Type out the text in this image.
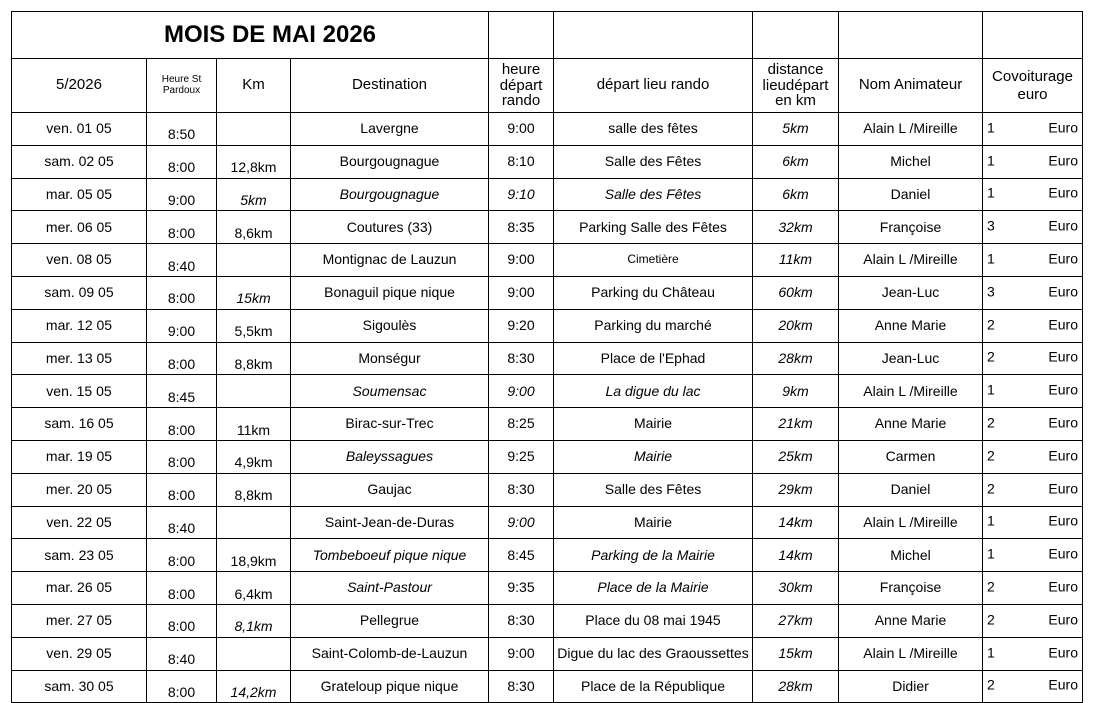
MOIS DE MAI 2026								
5/2026	Heure St Pardoux	Km	Destination	heure départ rando	départ lieu rando	distance lieudépart en km	Nom Animateur	Covoiturage euro
ven. 01 05	8:50		Lavergne	9:00	salle des fêtes	5km	Alain L /Mireille	1 Euro

sam. 02 05	8:00	12,8km	Bourgougnague	8:10	Salle des Fêtes	6km	Michel	1 Euro

mar. 05 05	9:00	5km	Bourgougnague	9:10	Salle des Fêtes	6km	Daniel	1 Euro

mer. 06 05	8:00	8,6km	Coutures (33)	8:35	Parking Salle des Fêtes	32km	Françoise	3 Euro

ven. 08 05	8:40		Montignac de Lauzun	9:00	Cimetière	11km	Alain L /Mireille	1 Euro

sam. 09 05	8:00	15km	Bonaguil pique nique	9:00	Parking du Château	60km	Jean-Luc	3 Euro

mar. 12 05	9:00	5,5km	Sigoulès	9:20	Parking du marché	20km	Anne Marie	2 Euro

mer. 13 05	8:00	8,8km	Monségur	8:30	Place de l'Ephad	28km	Jean-Luc	2 Euro

ven. 15 05	8:45		Soumensac	9:00	La digue du lac	9km	Alain L /Mireille	1 Euro

sam. 16 05	8:00	11km	Birac-sur-Trec	8:25	Mairie	21km	Anne Marie	2 Euro

mar. 19 05	8:00	4,9km	Baleyssagues	9:25	Mairie	25km	Carmen	2 Euro

mer. 20 05	8:00	8,8km	Gaujac	8:30	Salle des Fêtes	29km	Daniel	2 Euro

ven. 22 05	8:40		Saint-Jean-de-Duras	9:00	Mairie	14km	Alain L /Mireille	1 Euro

sam. 23 05	8:00	18,9km	Tombeboeuf pique nique	8:45	Parking de la Mairie	14km	Michel	1 Euro

mar. 26 05	8:00	6,4km	Saint-Pastour	9:35	Place de la Mairie	30km	Françoise	2 Euro

mer. 27 05	8:00	8,1km	Pellegrue	8:30	Place du 08 mai 1945	27km	Anne Marie	2 Euro

ven. 29 05	8:40		Saint-Colomb-de-Lauzun	9:00	Digue du lac des Graoussettes	15km	Alain L /Mireille	1 Euro

sam. 30 05	8:00	14,2km	Grateloup pique nique	8:30	Place de la République	28km	Didier	2 Euro
